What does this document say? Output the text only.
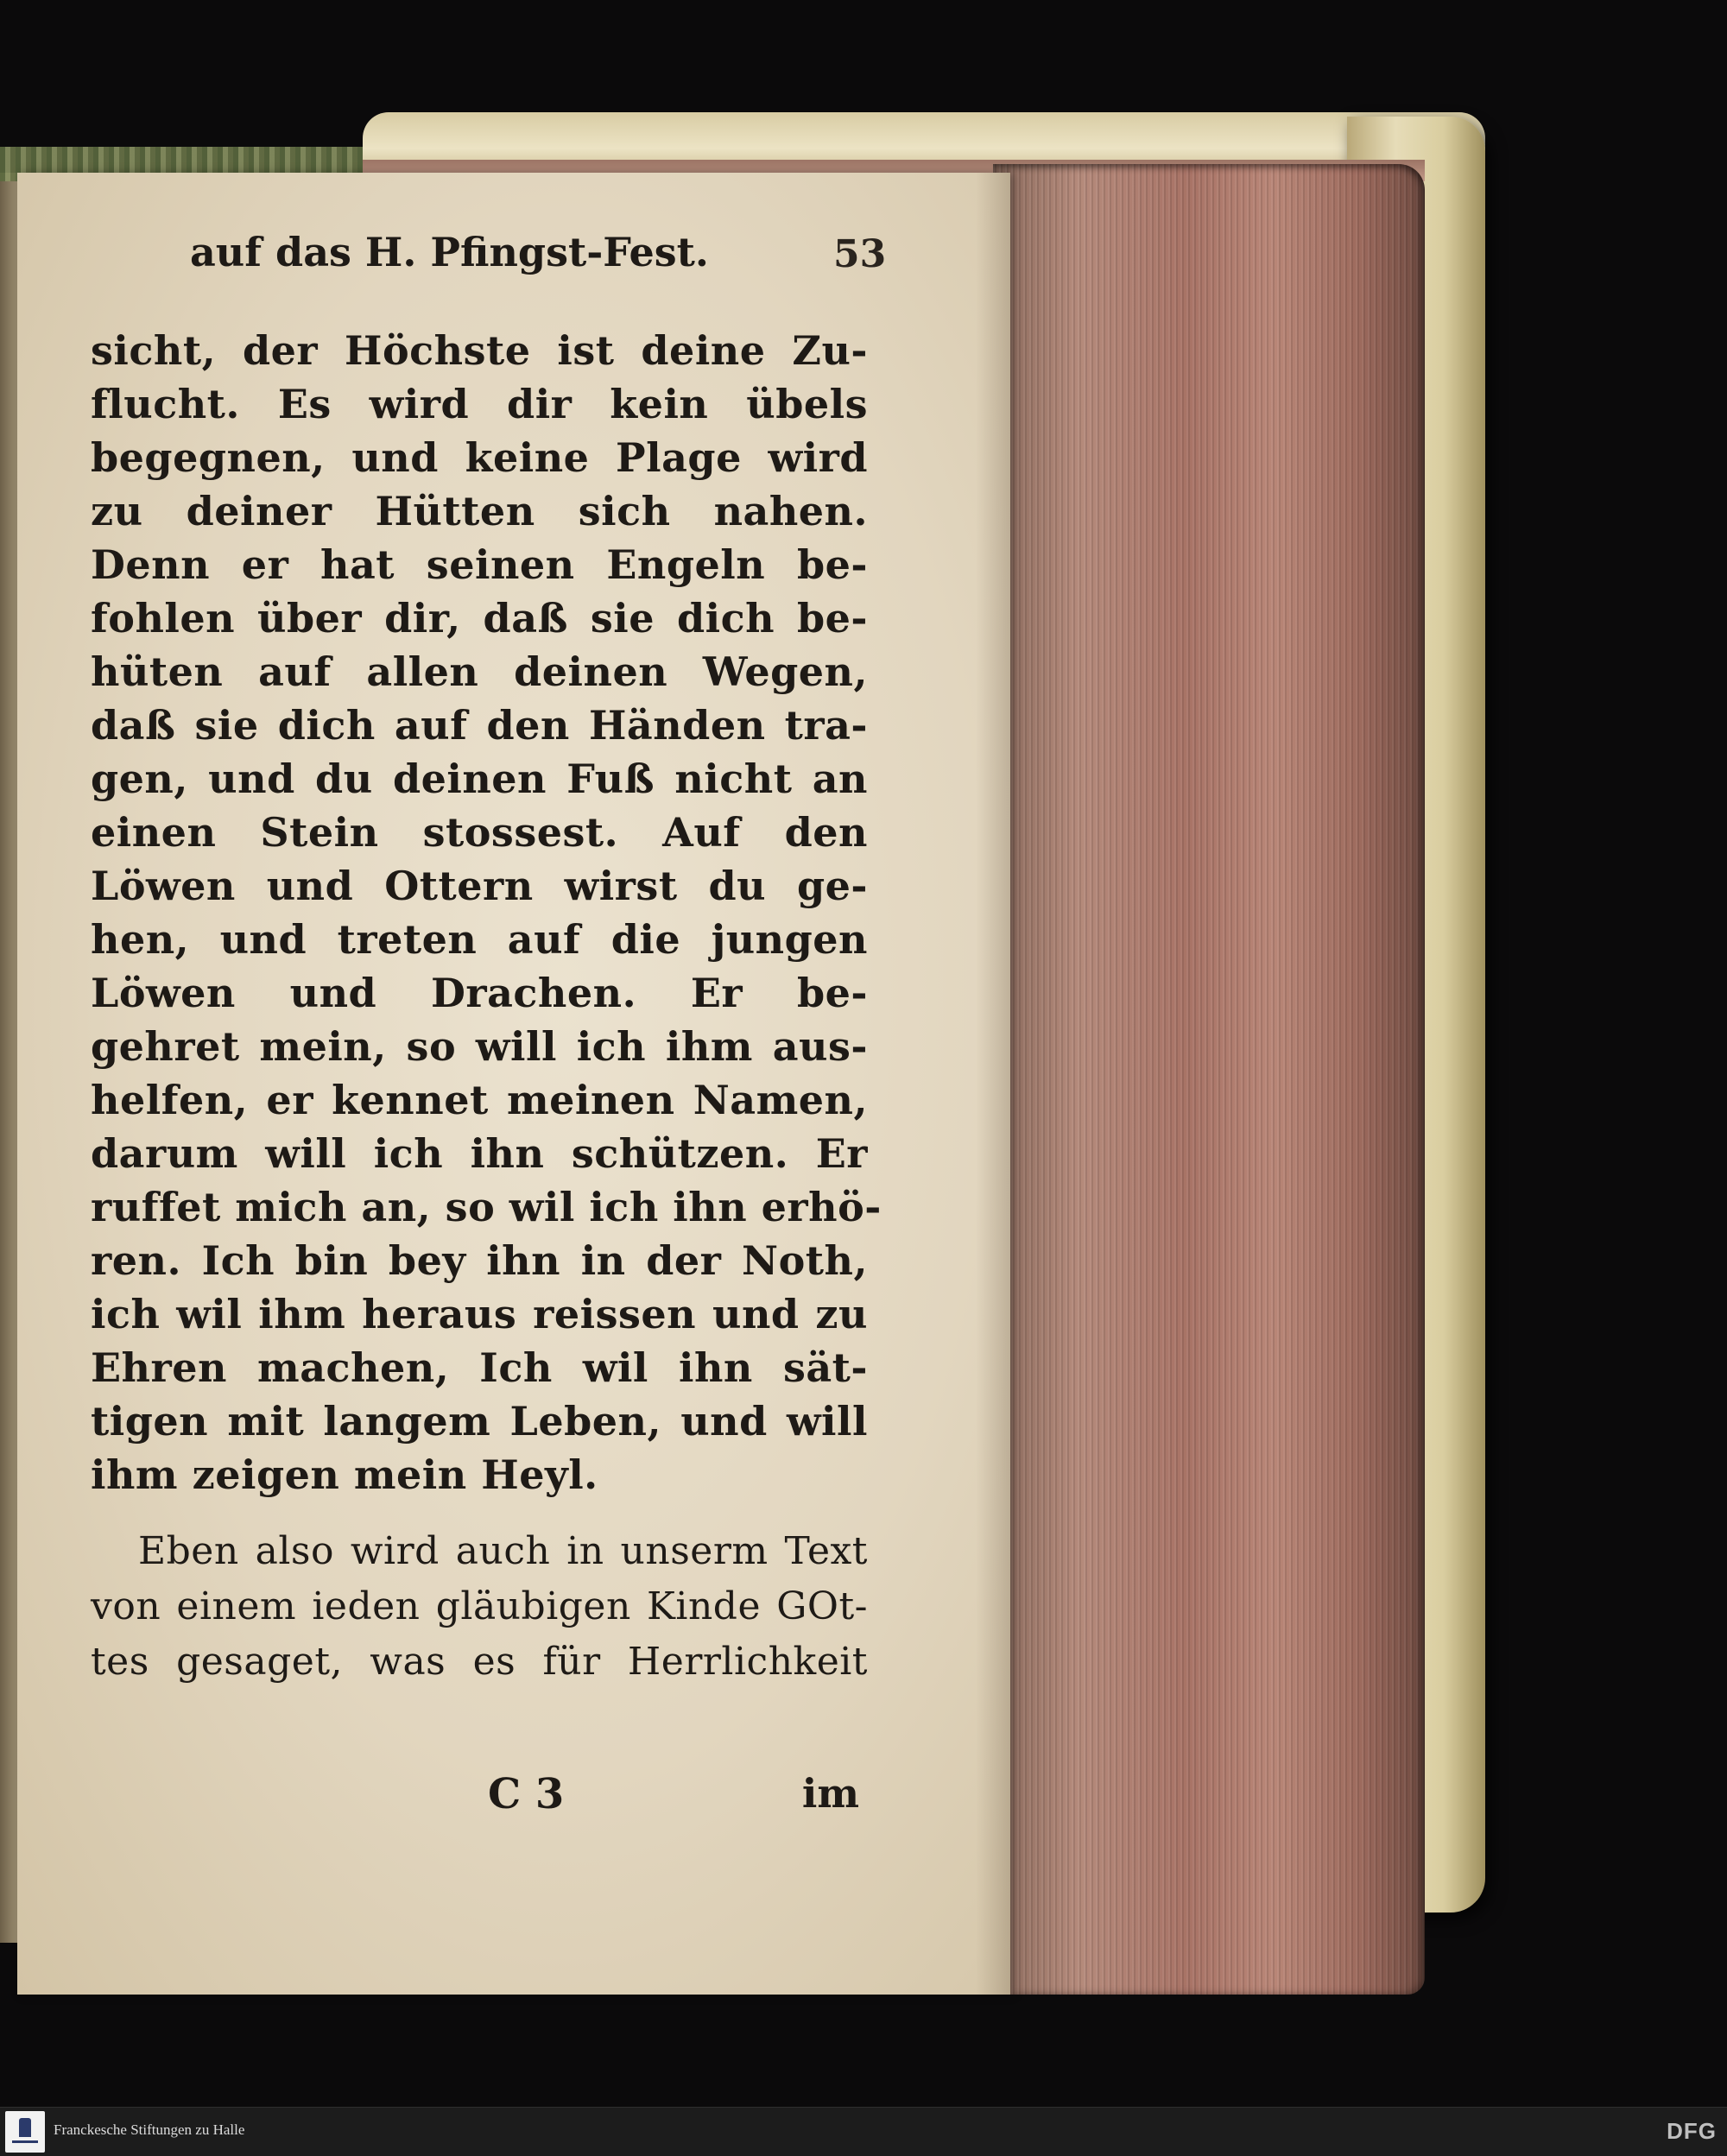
auf das H. Pfingst-Fest.	53
sicht, der Höchste ist deine Zu-
flucht. Es wird dir kein übels
begegnen, und keine Plage wird
zu deiner Hütten sich nahen.
Denn er hat seinen Engeln be-
fohlen über dir, daß sie dich be-
hüten auf allen deinen Wegen,
daß sie dich auf den Händen tra-
gen, und du deinen Fuß nicht an
einen Stein stossest. Auf den
Löwen und Ottern wirst du ge-
hen, und treten auf die jungen
Löwen und Drachen. Er be-
gehret mein, so will ich ihm aus-
helfen, er kennet meinen Namen,
darum will ich ihn schützen. Er
ruffet mich an, so wil ich ihn erhö-
ren. Ich bin bey ihn in der Noth,
ich wil ihm heraus reissen und zu
Ehren machen, Ich wil ihn sät-
tigen mit langem Leben, und will
ihm zeigen mein Heyl.
Eben also wird auch in unserm Text
von einem ieden gläubigen Kinde GOt-
tes gesaget, was es für Herrlichkeit
C 3	im
Franckesche Stiftungen zu Halle	DFG
